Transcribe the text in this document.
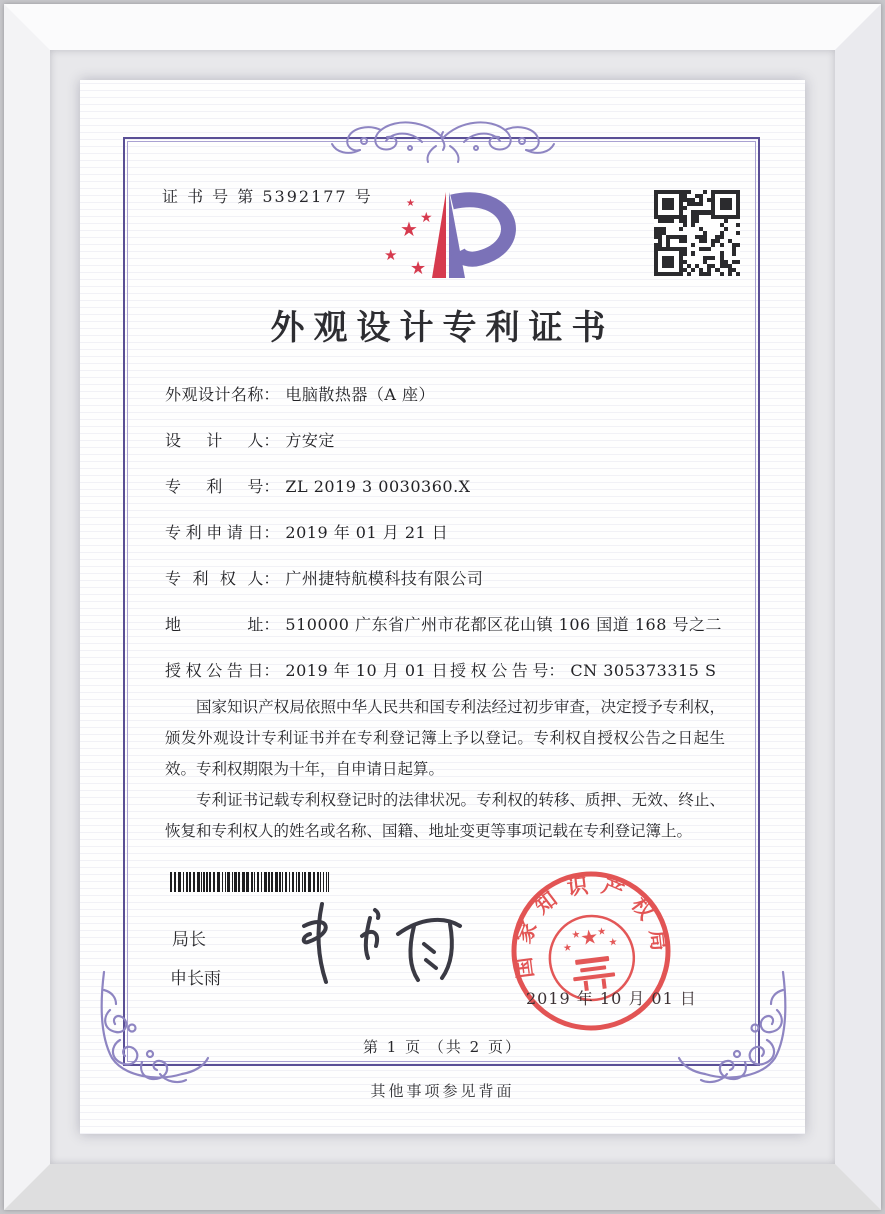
证 书 号 第 5392177 号
★ ★
★
★
★
外观设计专利证书
外观设计名称： 电脑散热器（A 座）
设 计 人： 方安定
专 利 号： ZL 2019 3 0030360.X
专利申请日： 2019 年 01 月 21 日
专 利 权 人： 广州捷特航模科技有限公司
地 址： 510000 广东省广州市花都区花山镇 106 国道 168 号之二
授权公告日： 2019 年 10 月 01 日 授权公告号： CN 305373315 S

国家知识产权局依照中华人民共和国专利法经过初步审查，决定授予专利权，颁发外观设计专利证书并在专利登记簿上予以登记。专利权自授权公告之日起生效。专利权期限为十年，自申请日起算。

专利证书记载专利权登记时的法律状况。专利权的转移、质押、无效、终止、恢复和专利权人的姓名或名称、国籍、地址变更等事项记载在专利登记簿上。

局长
申长雨	国家知识产权局
★
★
★ ★
★
2019 年 10 月 01 日
第 1 页 （共 2 页）
其他事项参见背面
